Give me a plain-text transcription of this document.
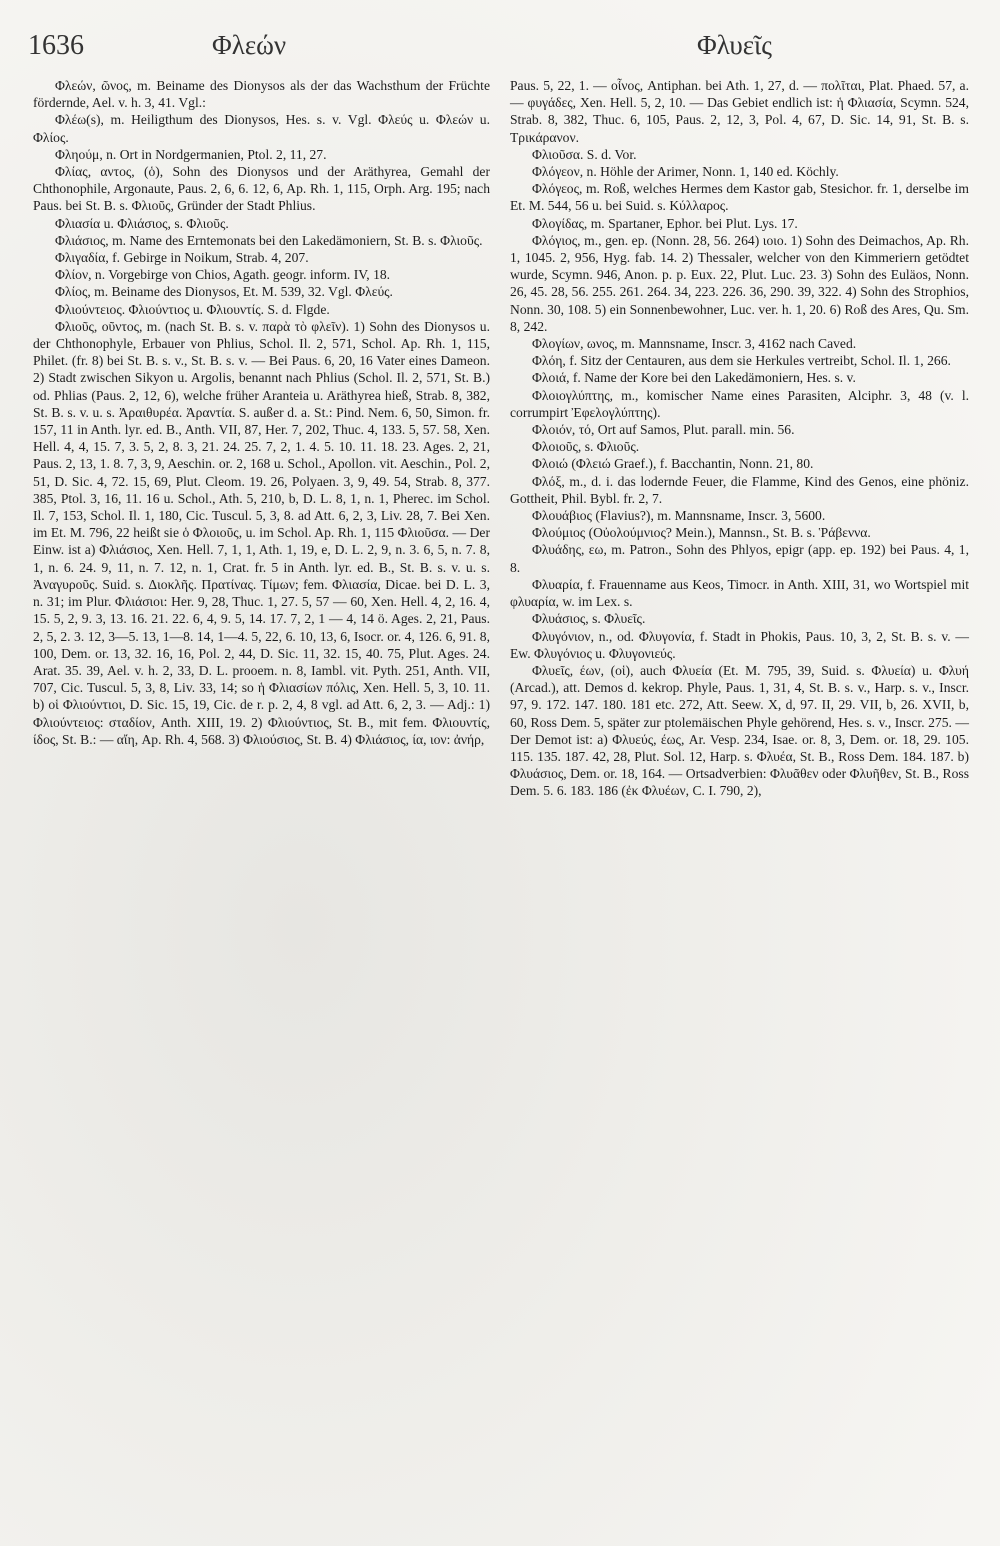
1636	Φλεών	Φλυεῖς

Φλεών, ῶνος, m. Beiname des Dionysos als der das Wachsthum der Früchte fördernde, Ael. v. h. 3, 41. Vgl.:

Φλέω(s), m. Heiligthum des Dionysos, Hes. s. v. Vgl. Φλεύς u. Φλεών u. Φλίος.

Φληούμ, n. Ort in Nordgermanien, Ptol. 2, 11, 27.

Φλίας, αντος, (ὁ), Sohn des Dionysos und der Aräthyrea, Gemahl der Chthonophile, Argonaute, Paus. 2, 6, 6. 12, 6, Ap. Rh. 1, 115, Orph. Arg. 195; nach Paus. bei St. B. s. Φλιοῦς, Gründer der Stadt Phlius.

Φλιασία u. Φλιάσιος, s. Φλιοῦς.

Φλιάσιος, m. Name des Erntemonats bei den Lakedämoniern, St. B. s. Φλιοῦς.

Φλιγαδία, f. Gebirge in Noikum, Strab. 4, 207.

Φλίον, n. Vorgebirge von Chios, Agath. geogr. inform. IV, 18.

Φλίος, m. Beiname des Dionysos, Et. M. 539, 32. Vgl. Φλεύς.

Φλιούντειος. Φλιούντιος u. Φλιουντίς. S. d. Flgde.

Φλιοῦς, οῦντος, m. (nach St. B. s. v. παρὰ τὸ φλεῖν). 1) Sohn des Dionysos u. der Chthonophyle, Erbauer von Phlius, Schol. Il. 2, 571, Schol. Ap. Rh. 1, 115, Philet. (fr. 8) bei St. B. s. v., St. B. s. v. — Bei Paus. 6, 20, 16 Vater eines Dameon. 2) Stadt zwischen Sikyon u. Argolis, benannt nach Phlius (Schol. Il. 2, 571, St. B.) od. Phlias (Paus. 2, 12, 6), welche früher Aranteia u. Aräthyrea hieß, Strab. 8, 382, St. B. s. v. u. s. Ἀραιθυρέα. Ἀραντία. S. außer d. a. St.: Pind. Nem. 6, 50, Simon. fr. 157, 11 in Anth. lyr. ed. B., Anth. VII, 87, Her. 7, 202, Thuc. 4, 133. 5, 57. 58, Xen. Hell. 4, 4, 15. 7, 3. 5, 2, 8. 3, 21. 24. 25. 7, 2, 1. 4. 5. 10. 11. 18. 23. Ages. 2, 21, Paus. 2, 13, 1. 8. 7, 3, 9, Aeschin. or. 2, 168 u. Schol., Apollon. vit. Aeschin., Pol. 2, 51, D. Sic. 4, 72. 15, 69, Plut. Cleom. 19. 26, Polyaen. 3, 9, 49. 54, Strab. 8, 377. 385, Ptol. 3, 16, 11. 16 u. Schol., Ath. 5, 210, b, D. L. 8, 1, n. 1, Pherec. im Schol. Il. 7, 153, Schol. Il. 1, 180, Cic. Tuscul. 5, 3, 8. ad Att. 6, 2, 3, Liv. 28, 7. Bei Xen. im Et. M. 796, 22 heißt sie ὁ Φλοιοῦς, u. im Schol. Ap. Rh. 1, 115 Φλιοῦσα. — Der Einw. ist a) Φλιάσιος, Xen. Hell. 7, 1, 1, Ath. 1, 19, e, D. L. 2, 9, n. 3. 6, 5, n. 7. 8, 1, n. 6. 24. 9, 11, n. 7. 12, n. 1, Crat. fr. 5 in Anth. lyr. ed. B., St. B. s. v. u. s. Ἀναγυροῦς. Suid. s. Διοκλῆς. Πρατίνας. Τίμων; fem. Φλιασία, Dicae. bei D. L. 3, n. 31; im Plur. Φλιάσιοι: Her. 9, 28, Thuc. 1, 27. 5, 57 — 60, Xen. Hell. 4, 2, 16. 4, 15. 5, 2, 9. 3, 13. 16. 21. 22. 6, 4, 9. 5, 14. 17. 7, 2, 1 — 4, 14 ö. Ages. 2, 21, Paus. 2, 5, 2. 3. 12, 3—5. 13, 1—8. 14, 1—4. 5, 22, 6. 10, 13, 6, Isocr. or. 4, 126. 6, 91. 8, 100, Dem. or. 13, 32. 16, 16, Pol. 2, 44, D. Sic. 11, 32. 15, 40. 75, Plut. Ages. 24. Arat. 35. 39, Ael. v. h. 2, 33, D. L. prooem. n. 8, Iambl. vit. Pyth. 251, Anth. VII, 707, Cic. Tuscul. 5, 3, 8, Liv. 33, 14; so ἡ Φλιασίων πόλις, Xen. Hell. 5, 3, 10. 11. b) οἱ Φλιούντιοι, D. Sic. 15, 19, Cic. de r. p. 2, 4, 8 vgl. ad Att. 6, 2, 3. — Adj.: 1) Φλιούντειος: σταδίον, Anth. XIII, 19. 2) Φλιούντιος, St. B., mit fem. Φλιουντίς, ίδος, St. B.: — αἴη, Ap. Rh. 4, 568. 3) Φλιούσιος, St. B. 4) Φλιάσιος, ία, ιον: ἀνήρ,

Paus. 5, 22, 1. — οἶνος, Antiphan. bei Ath. 1, 27, d. — πολῖται, Plat. Phaed. 57, a. — φυγάδες, Xen. Hell. 5, 2, 10. — Das Gebiet endlich ist: ἡ Φλιασία, Scymn. 524, Strab. 8, 382, Thuc. 6, 105, Paus. 2, 12, 3, Pol. 4, 67, D. Sic. 14, 91, St. B. s. Τρικάρανον.

Φλιοῦσα. S. d. Vor.

Φλόγεον, n. Höhle der Arimer, Nonn. 1, 140 ed. Köchly.

Φλόγεος, m. Roß, welches Hermes dem Kastor gab, Stesichor. fr. 1, derselbe im Et. M. 544, 56 u. bei Suid. s. Κύλλαρος.

Φλογίδας, m. Spartaner, Ephor. bei Plut. Lys. 17.

Φλόγιος, m., gen. ep. (Nonn. 28, 56. 264) ιοιο. 1) Sohn des Deimachos, Ap. Rh. 1, 1045. 2, 956, Hyg. fab. 14. 2) Thessaler, welcher von den Kimmeriern getödtet wurde, Scymn. 946, Anon. p. p. Eux. 22, Plut. Luc. 23. 3) Sohn des Euläos, Nonn. 26, 45. 28, 56. 255. 261. 264. 34, 223. 226. 36, 290. 39, 322. 4) Sohn des Strophios, Nonn. 30, 108. 5) ein Sonnenbewohner, Luc. ver. h. 1, 20. 6) Roß des Ares, Qu. Sm. 8, 242.

Φλογίων, ωνος, m. Mannsname, Inscr. 3, 4162 nach Caved.

Φλόη, f. Sitz der Centauren, aus dem sie Herkules vertreibt, Schol. Il. 1, 266.

Φλοιά, f. Name der Kore bei den Lakedämoniern, Hes. s. v.

Φλοιογλύπτης, m., komischer Name eines Parasiten, Alciphr. 3, 48 (v. l. corrumpirt Ἐφελογλύπτης).

Φλοιόν, τό, Ort auf Samos, Plut. parall. min. 56.

Φλοιοῦς, s. Φλιοῦς.

Φλοιώ (Φλειώ Graef.), f. Bacchantin, Nonn. 21, 80.

Φλόξ, m., d. i. das lodernde Feuer, die Flamme, Kind des Genos, eine phöniz. Gottheit, Phil. Bybl. fr. 2, 7.

Φλουάβιος (Flavius?), m. Mannsname, Inscr. 3, 5600.

Φλούμιος (Οὐολούμνιος? Mein.), Mannsn., St. B. s. Ῥάβεννα.

Φλυάδης, εω, m. Patron., Sohn des Phlyos, epigr (app. ep. 192) bei Paus. 4, 1, 8.

Φλυαρία, f. Frauenname aus Keos, Timocr. in Anth. XIII, 31, wo Wortspiel mit φλυαρία, w. im Lex. s.

Φλυάσιος, s. Φλυεῖς.

Φλυγόνιον, n., od. Φλυγονία, f. Stadt in Phokis, Paus. 10, 3, 2, St. B. s. v. — Ew. Φλυγόνιος u. Φλυγονιεύς.

Φλυεῖς, έων, (οἱ), auch Φλυεία (Et. M. 795, 39, Suid. s. Φλυεία) u. Φλυή (Arcad.), att. Demos d. kekrop. Phyle, Paus. 1, 31, 4, St. B. s. v., Harp. s. v., Inscr. 97, 9. 172. 147. 180. 181 etc. 272, Att. Seew. X, d, 97. II, 29. VII, b, 26. XVII, b, 60, Ross Dem. 5, später zur ptolemäischen Phyle gehörend, Hes. s. v., Inscr. 275. — Der Demot ist: a) Φλυεύς, έως, Ar. Vesp. 234, Isae. or. 8, 3, Dem. or. 18, 29. 105. 115. 135. 187. 42, 28, Plut. Sol. 12, Harp. s. Φλυέα, St. B., Ross Dem. 184. 187. b) Φλυάσιος, Dem. or. 18, 164. — Ortsadverbien: Φλυᾶθεν oder Φλυῆθεν, St. B., Ross Dem. 5. 6. 183. 186 (ἐκ Φλυέων, C. I. 790, 2),
